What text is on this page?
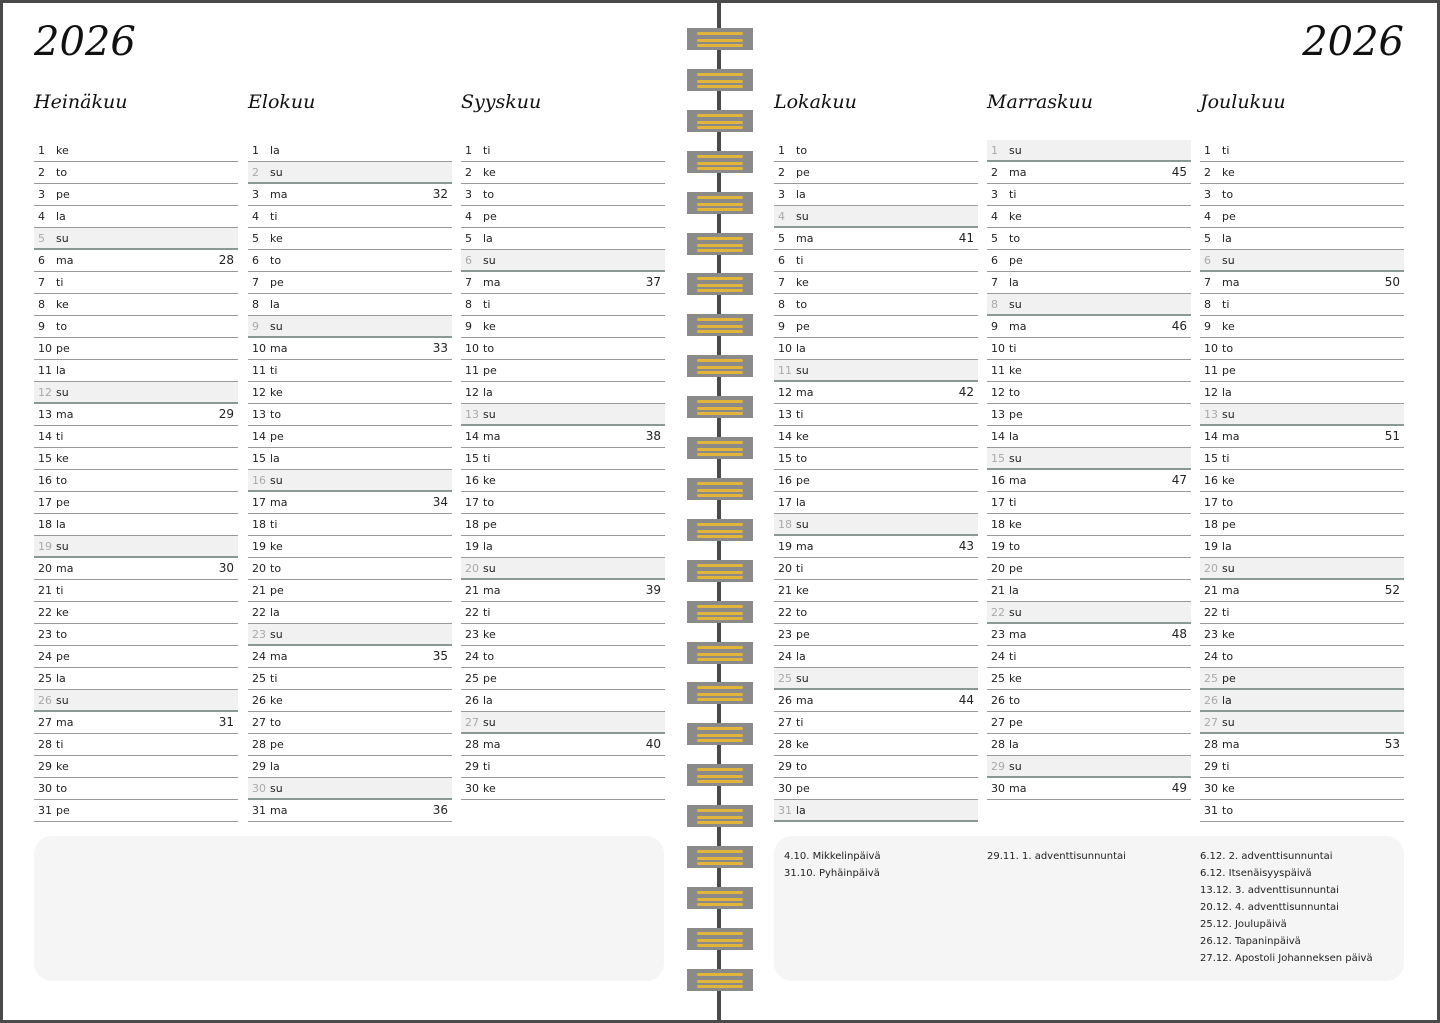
2026	2026
Heinäkuu
1 ke
2 to
3 pe
4 la
5 su
6 ma	28
7 ti
8 ke
9 to
10 pe
11 la
12 su
13 ma	29
14 ti
15 ke
16 to
17 pe
18 la
19 su
20 ma	30
21 ti
22 ke
23 to
24 pe
25 la
26 su
27 ma	31
28 ti
29 ke
30 to
31 pe
Elokuu
1 la
2 su
3 ma	32
4 ti
5 ke
6 to
7 pe
8 la
9 su
10 ma	33
11 ti
12 ke
13 to
14 pe
15 la
16 su
17 ma	34
18 ti
19 ke
20 to
21 pe
22 la
23 su
24 ma	35
25 ti
26 ke
27 to
28 pe
29 la
30 su
31 ma	36
Syyskuu
1 ti
2 ke
3 to
4 pe
5 la
6 su
7 ma	37
8 ti
9 ke
10 to
11 pe
12 la
13 su
14 ma	38
15 ti
16 ke
17 to
18 pe
19 la
20 su
21 ma	39
22 ti
23 ke
24 to
25 pe
26 la
27 su
28 ma	40
29 ti
30 ke
Lokakuu
1 to
2 pe
3 la
4 su
5 ma	41
6 ti
7 ke
8 to
9 pe
10 la
11 su
12 ma	42
13 ti
14 ke
15 to
16 pe
17 la
18 su
19 ma	43
20 ti
21 ke
22 to
23 pe
24 la
25 su
26 ma	44
27 ti
28 ke
29 to
30 pe
31 la
Marraskuu
1 su
2 ma	45
3 ti
4 ke
5 to
6 pe
7 la
8 su
9 ma	46
10 ti
11 ke
12 to
13 pe
14 la
15 su
16 ma	47
17 ti
18 ke
19 to
20 pe
21 la
22 su
23 ma	48
24 ti
25 ke
26 to
27 pe
28 la
29 su
30 ma	49
Joulukuu
1 ti
2 ke
3 to
4 pe
5 la
6 su
7 ma	50
8 ti
9 ke
10 to
11 pe
12 la
13 su
14 ma	51
15 ti
16 ke
17 to
18 pe
19 la
20 su
21 ma	52
22 ti
23 ke
24 to
25 pe
26 la
27 su
28 ma	53
29 ti
30 ke
31 to
4.10. Mikkelinpäivä
31.10. Pyhäinpäivä
29.11. 1. adventtisunnuntai	6.12. 2. adventtisunnuntai
6.12. Itsenäisyyspäivä
13.12. 3. adventtisunnuntai
20.12. 4. adventtisunnuntai
25.12. Joulupäivä
26.12. Tapaninpäivä
27.12. Apostoli Johanneksen päivä
